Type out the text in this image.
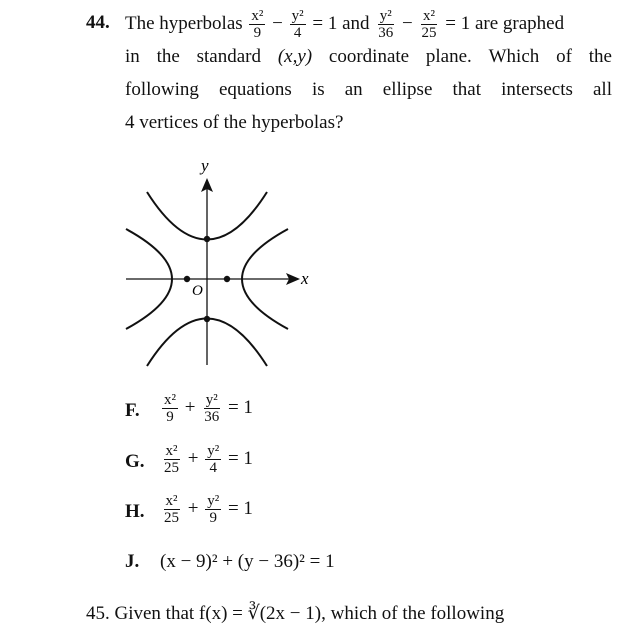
44. The hyperbolas $\frac{\text{x²}}{9} - \frac{\text{y²}}{4} = 1$ and $\frac{\text{y²}}{36} - \frac{\text{x²}}{25} = 1$ are graphed
in the standard (x,y) coordinate plane. Which of the
following equations is an ellipse that intersects all
4 vertices of the hyperbolas?
y
x
O
F. $\frac{\text{x²}}{9} + \frac{\text{y²}}{36} = 1$
G. $\frac{\text{x²}}{25} + \frac{\text{y²}}{4} = 1$
H. $\frac{\text{x²}}{25} + \frac{\text{y²}}{9} = 1$
J. (x − 9)² + (y − 36)² = 1
45. Given that f(x) = ∛(2x − 1), which of the following
